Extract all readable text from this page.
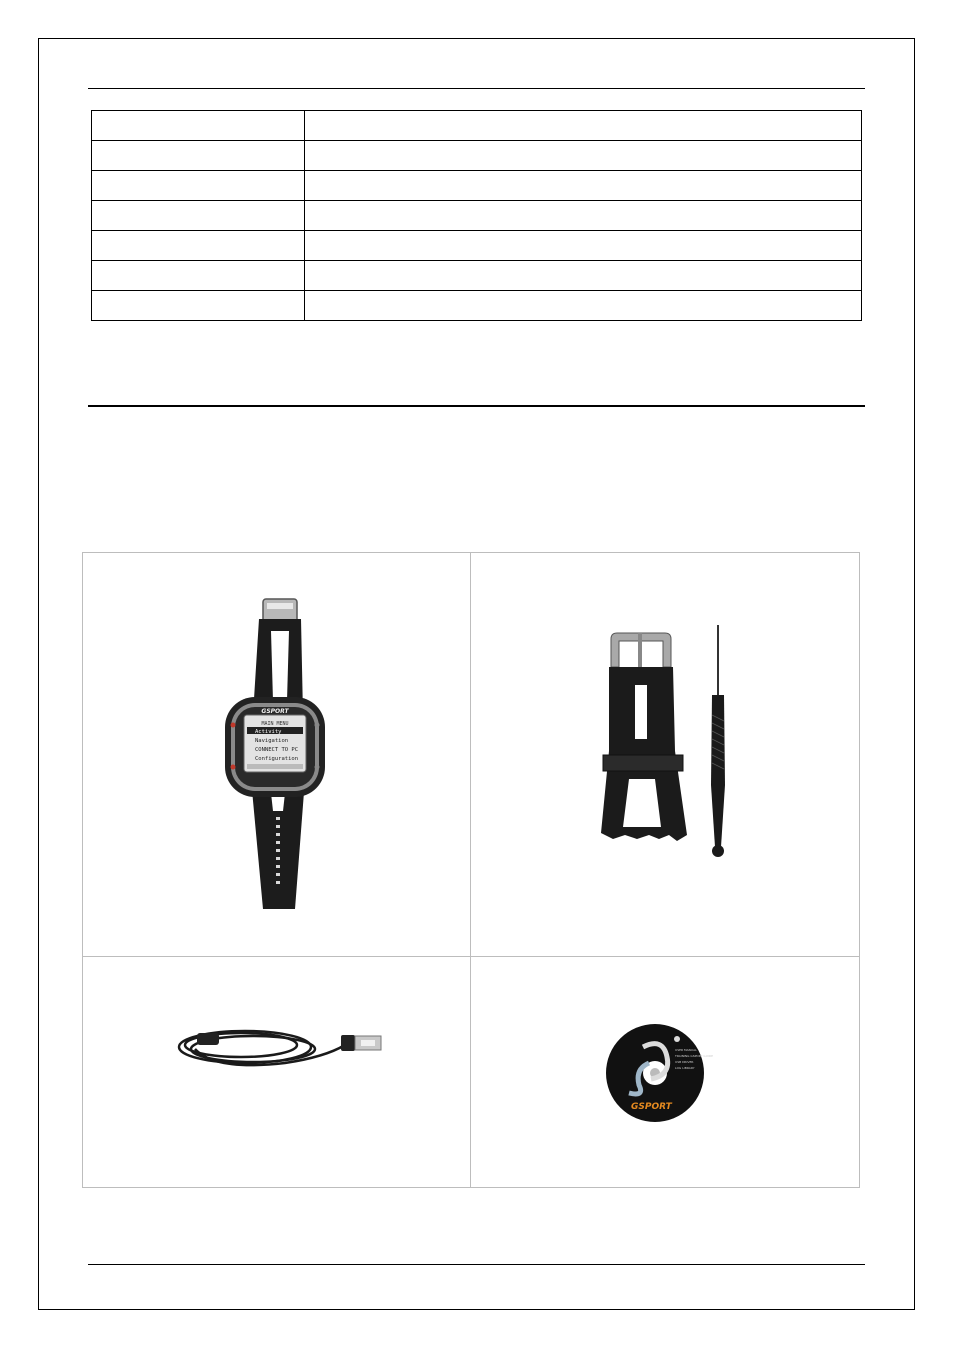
MAIN MENU
Activity
Navigation
CONNECT TO PC
Configuration
GSPORT
USER MANUAL
TRAINING GSPORT GUIDE
USB DRIVER
LOG LIBRARY
GSPORT
